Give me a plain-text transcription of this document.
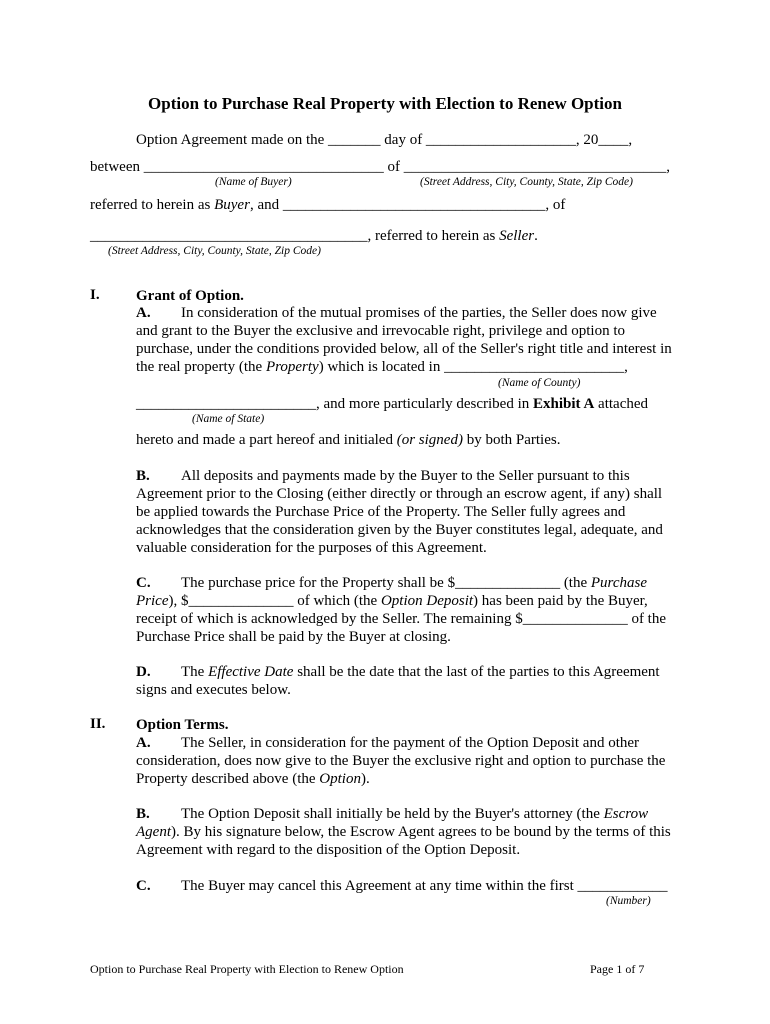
Option to Purchase Real Property with Election to Renew Option
Option Agreement made on the _______ day of ____________________, 20____,
between ________________________________ of ___________________________________,
(Name of Buyer)	(Street Address, City, County, State, Zip Code)
referred to herein as Buyer, and ___________________________________, of
_____________________________________, referred to herein as Seller.
(Street Address, City, County, State, Zip Code)
I. Grant of Option.
A. In consideration of the mutual promises of the parties, the Seller does now give and grant to the Buyer the exclusive and irrevocable right, privilege and option to purchase, under the conditions provided below, all of the Seller's right title and interest in the real property (the Property) which is located in ________________________,
(Name of County)
________________________, and more particularly described in Exhibit A attached
(Name of State)
hereto and made a part hereof and initialed (or signed) by both Parties.
B. All deposits and payments made by the Buyer to the Seller pursuant to this Agreement prior to the Closing (either directly or through an escrow agent, if any) shall be applied towards the Purchase Price of the Property. The Seller fully agrees and acknowledges that the consideration given by the Buyer constitutes legal, adequate, and valuable consideration for the purposes of this Agreement.
C. The purchase price for the Property shall be $______________ (the Purchase Price), $______________ of which (the Option Deposit) has been paid by the Buyer, receipt of which is acknowledged by the Seller. The remaining $______________ of the Purchase Price shall be paid by the Buyer at closing.
D. The Effective Date shall be the date that the last of the parties to this Agreement signs and executes below.
II. Option Terms.
A. The Seller, in consideration for the payment of the Option Deposit and other consideration, does now give to the Buyer the exclusive right and option to purchase the Property described above (the Option).
B. The Option Deposit shall initially be held by the Buyer's attorney (the Escrow Agent). By his signature below, the Escrow Agent agrees to be bound by the terms of this Agreement with regard to the disposition of the Option Deposit.
C. The Buyer may cancel this Agreement at any time within the first ____________
(Number)
Option to Purchase Real Property with Election to Renew Option	Page 1 of 7
